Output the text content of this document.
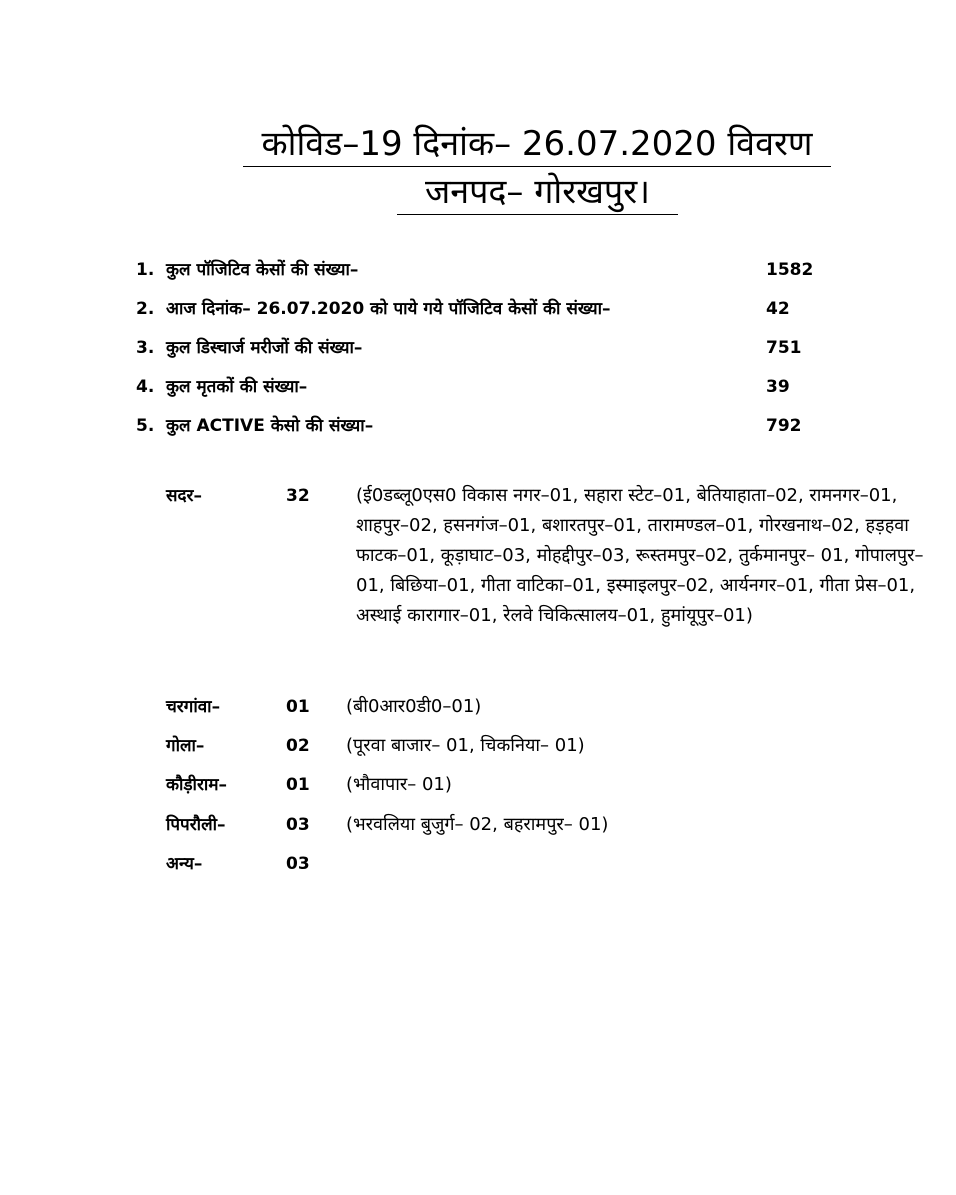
कोविड–19 दिनांक– 26.07.2020 विवरण
जनपद– गोरखपुर।
1. कुल पॉजिटिव केसों की संख्या–	1582
2. आज दिनांक– 26.07.2020 को पाये गये पॉजिटिव केसों की संख्या–	42
3. कुल डिस्चार्ज मरीजों की संख्या–	751
4. कुल मृतकों की संख्या–	39
5. कुल ACTIVE केसो की संख्या–	792
सदर–	32	(ई0डब्लू0एस0 विकास नगर–01, सहारा स्टेट–01, बेतियाहाता–02, रामनगर–01, शाहपुर–02, हसनगंज–01, बशारतपुर–01, तारामण्डल–01, गोरखनाथ–02, हड़हवा फाटक–01, कूड़ाघाट–03, मोहद्दीपुर–03, रूस्तमपुर–02, तुर्कमानपुर– 01, गोपालपुर– 01, बिछिया–01, गीता वाटिका–01, इस्माइलपुर–02, आर्यनगर–01, गीता प्रेस–01, अस्थाई कारागार–01, रेलवे चिकित्सालय–01, हुमांयूपुर–01)
चरगांवा–	01 (बी0आर0डी0–01)
गोला–	02 (पूरवा बाजार– 01, चिकनिया– 01)
कौड़ीराम–	01 (भौवापार– 01)
पिपरौली–	03 (भरवलिया बुजुर्ग– 02, बहरामपुर– 01)
अन्य–	03
